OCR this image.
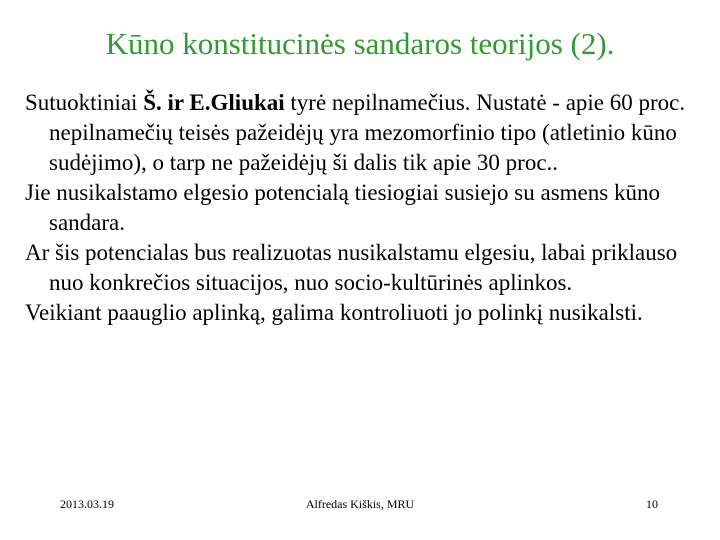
Kūno konstitucinės sandaros teorijos (2).

Sutuoktiniai Š. ir E.Gliukai tyrė nepilnamečius. Nustatė - apie 60 proc. nepilnamečių teisės pažeidėjų yra mezomorfinio tipo (atletinio kūno sudėjimo), o tarp ne pažeidėjų ši dalis tik apie 30 proc..

Jie nusikalstamo elgesio potencialą tiesiogiai susiejo su asmens kūno sandara.

Ar šis potencialas bus realizuotas nusikalstamu elgesiu, labai priklauso nuo konkrečios situacijos, nuo socio-kultūrinės aplinkos.

Veikiant paauglio aplinką, galima kontroliuoti jo polinkį nusikalsti.

2013.03.19	Alfredas Kiškis, MRU	10
